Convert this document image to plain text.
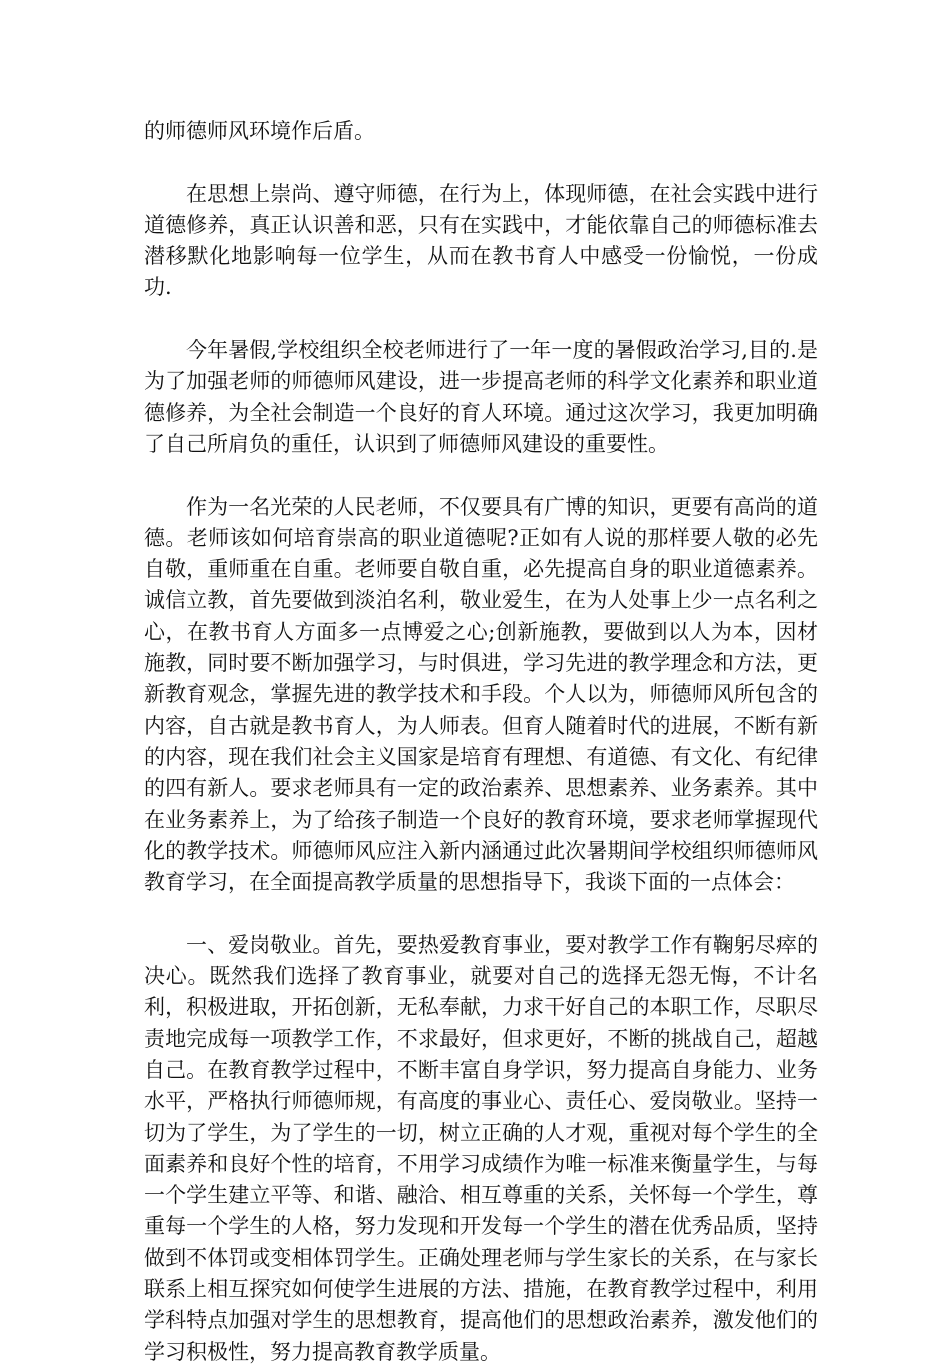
的师德师风环境作后盾。

在思想上崇尚、遵守师德，在行为上，体现师德，在社会实践中进行道德修养，真正认识善和恶，只有在实践中，才能依靠自己的师德标准去潜移默化地影响每一位学生，从而在教书育人中感受一份愉悦，一份成功.

今年暑假,学校组织全校老师进行了一年一度的暑假政治学习,目的.是为了加强老师的师德师风建设，进一步提高老师的科学文化素养和职业道德修养，为全社会制造一个良好的育人环境。通过这次学习，我更加明确了自己所肩负的重任，认识到了师德师风建设的重要性。

作为一名光荣的人民老师，不仅要具有广博的知识，更要有高尚的道德。老师该如何培育崇高的职业道德呢?正如有人说的那样要人敬的必先自敬，重师重在自重。老师要自敬自重，必先提高自身的职业道德素养。诚信立教，首先要做到淡泊名利，敬业爱生，在为人处事上少一点名利之心，在教书育人方面多一点博爱之心;创新施教，要做到以人为本，因材施教，同时要不断加强学习，与时俱进，学习先进的教学理念和方法，更新教育观念，掌握先进的教学技术和手段。个人以为，师德师风所包含的内容，自古就是教书育人，为人师表。但育人随着时代的进展，不断有新的内容，现在我们社会主义国家是培育有理想、有道德、有文化、有纪律的四有新人。要求老师具有一定的政治素养、思想素养、业务素养。其中在业务素养上，为了给孩子制造一个良好的教育环境，要求老师掌握现代化的教学技术。师德师风应注入新内涵通过此次暑期间学校组织师德师风教育学习，在全面提高教学质量的思想指导下，我谈下面的一点体会：

一、爱岗敬业。首先，要热爱教育事业，要对教学工作有鞠躬尽瘁的决心。既然我们选择了教育事业，就要对自己的选择无怨无悔，不计名利，积极进取，开拓创新，无私奉献，力求干好自己的本职工作，尽职尽责地完成每一项教学工作，不求最好，但求更好，不断的挑战自己，超越自己。在教育教学过程中，不断丰富自身学识，努力提高自身能力、业务水平，严格执行师德师规，有高度的事业心、责任心、爱岗敬业。坚持一切为了学生，为了学生的一切，树立正确的人才观，重视对每个学生的全面素养和良好个性的培育，不用学习成绩作为唯一标准来衡量学生，与每一个学生建立平等、和谐、融洽、相互尊重的关系，关怀每一个学生，尊重每一个学生的人格，努力发现和开发每一个学生的潜在优秀品质，坚持做到不体罚或变相体罚学生。正确处理老师与学生家长的关系，在与家长联系上相互探究如何使学生进展的方法、措施，在教育教学过程中，利用学科特点加强对学生的思想教育，提高他们的思想政治素养，激发他们的学习积极性，努力提高教育教学质量。
